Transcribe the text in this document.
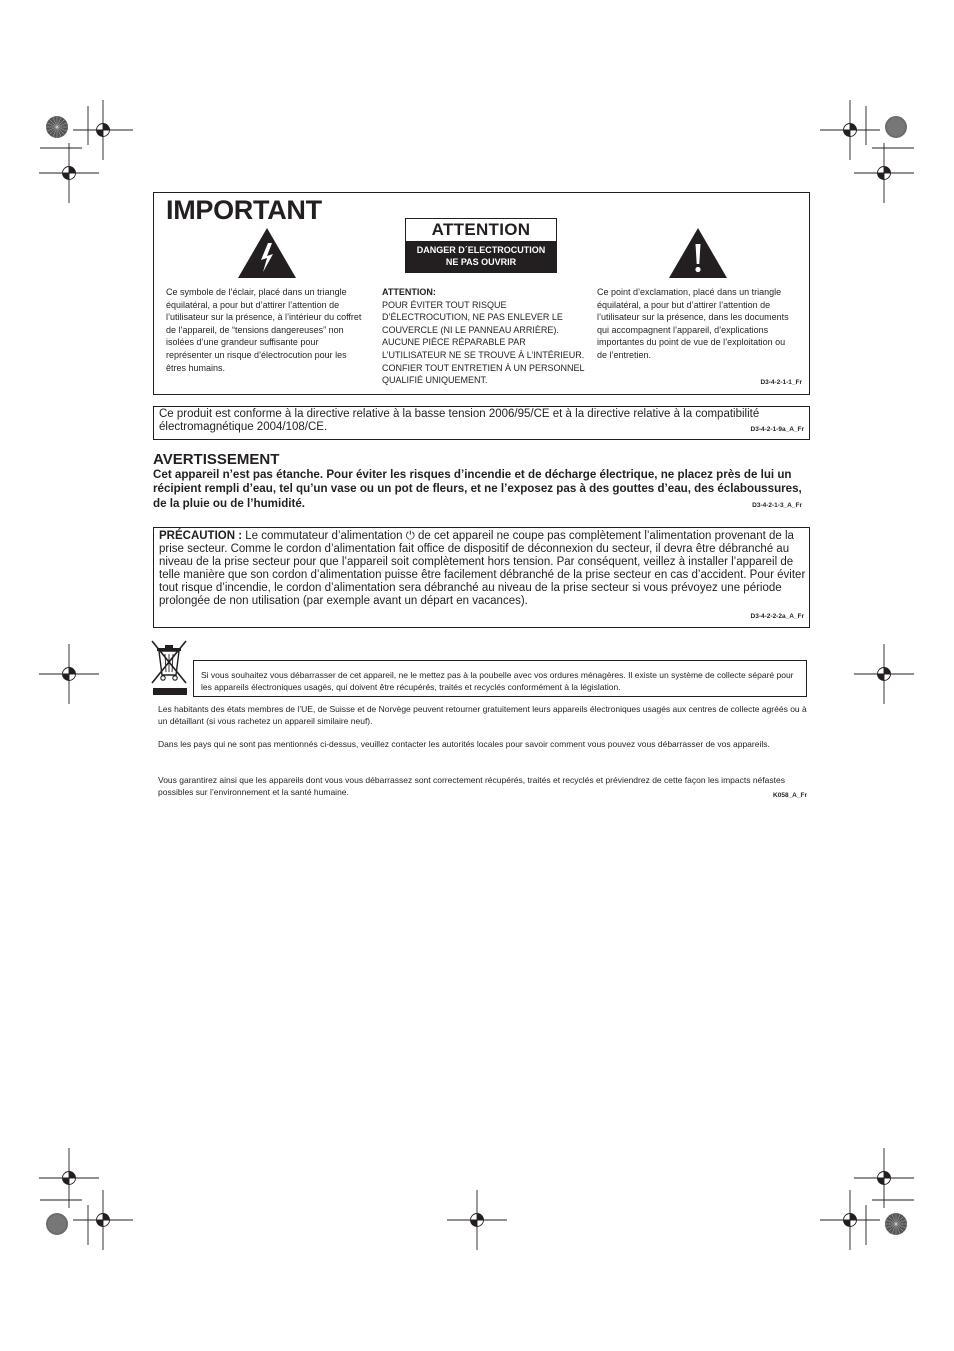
IMPORTANT
ATTENTION
DANGER D´ELECTROCUTION
NE PAS OUVRIR
Ce symbole de l’éclair, placé dans un triangle équilatéral, a pour but d’attirer l’attention de l’utilisateur sur la présence, à l’intérieur du coffret de l’appareil, de “tensions dangereuses” non isolées d’une grandeur suffisante pour représenter un risque d’électrocution pour les êtres humains.
ATTENTION:
POUR ÉVITER TOUT RISQUE D’ÉLECTROCUTION, NE PAS ENLEVER LE COUVERCLE (NI LE PANNEAU ARRIÈRE). AUCUNE PIÈCE RÉPARABLE PAR L’UTILISATEUR NE SE TROUVE À L’INTÉRIEUR. CONFIER TOUT ENTRETIEN À UN PERSONNEL QUALIFIÉ UNIQUEMENT.
Ce point d’exclamation, placé dans un triangle équilatéral, a pour but d’attirer l’attention de l’utilisateur sur la présence, dans les documents qui accompagnent l’appareil, d’explications importantes du point de vue de l’exploitation ou de l’entretien.
D3-4-2-1-1_Fr
Ce produit est conforme à la directive relative à la basse tension 2006/95/CE et à la directive relative à la compatibilité électromagnétique 2004/108/CE.	D3-4-2-1-9a_A_Fr
AVERTISSEMENT
Cet appareil n’est pas étanche. Pour éviter les risques d’incendie et de décharge électrique, ne placez près de lui un récipient rempli d’eau, tel qu’un vase ou un pot de fleurs, et ne l’exposez pas à des gouttes d’eau, des éclaboussures, de la pluie ou de l’humidité.	D3-4-2-1-3_A_Fr
PRÉCAUTION : Le commutateur d’alimentation ⏻ de cet appareil ne coupe pas complètement l’alimentation provenant de la prise secteur. Comme le cordon d’alimentation fait office de dispositif de déconnexion du secteur, il devra être débranché au niveau de la prise secteur pour que l’appareil soit complètement hors tension. Par conséquent, veillez à installer l’appareil de telle manière que son cordon d’alimentation puisse être facilement débranché de la prise secteur en cas d’accident. Pour éviter tout risque d’incendie, le cordon d’alimentation sera débranché au niveau de la prise secteur si vous prévoyez une période prolongée de non utilisation (par exemple avant un départ en vacances).
D3-4-2-2-2a_A_Fr
Si vous souhaitez vous débarrasser de cet appareil, ne le mettez pas à la poubelle avec vos ordures ménagères. Il existe un système de collecte séparé pour les appareils électroniques usagés, qui doivent être récupérés, traités et recyclés conformément à la législation.
Les habitants des états membres de l’UE, de Suisse et de Norvège peuvent retourner gratuitement leurs appareils électroniques usagés aux centres de collecte agréés ou à un détaillant (si vous rachetez un appareil similaire neuf).
Dans les pays qui ne sont pas mentionnés ci-dessus, veuillez contacter les autorités locales pour savoir comment vous pouvez vous débarrasser de vos appareils.
Vous garantirez ainsi que les appareils dont vous vous débarrassez sont correctement récupérés, traités et recyclés et préviendrez de cette façon les impacts néfastes possibles sur l’environnement et la santé humaine.	K058_A_Fr
